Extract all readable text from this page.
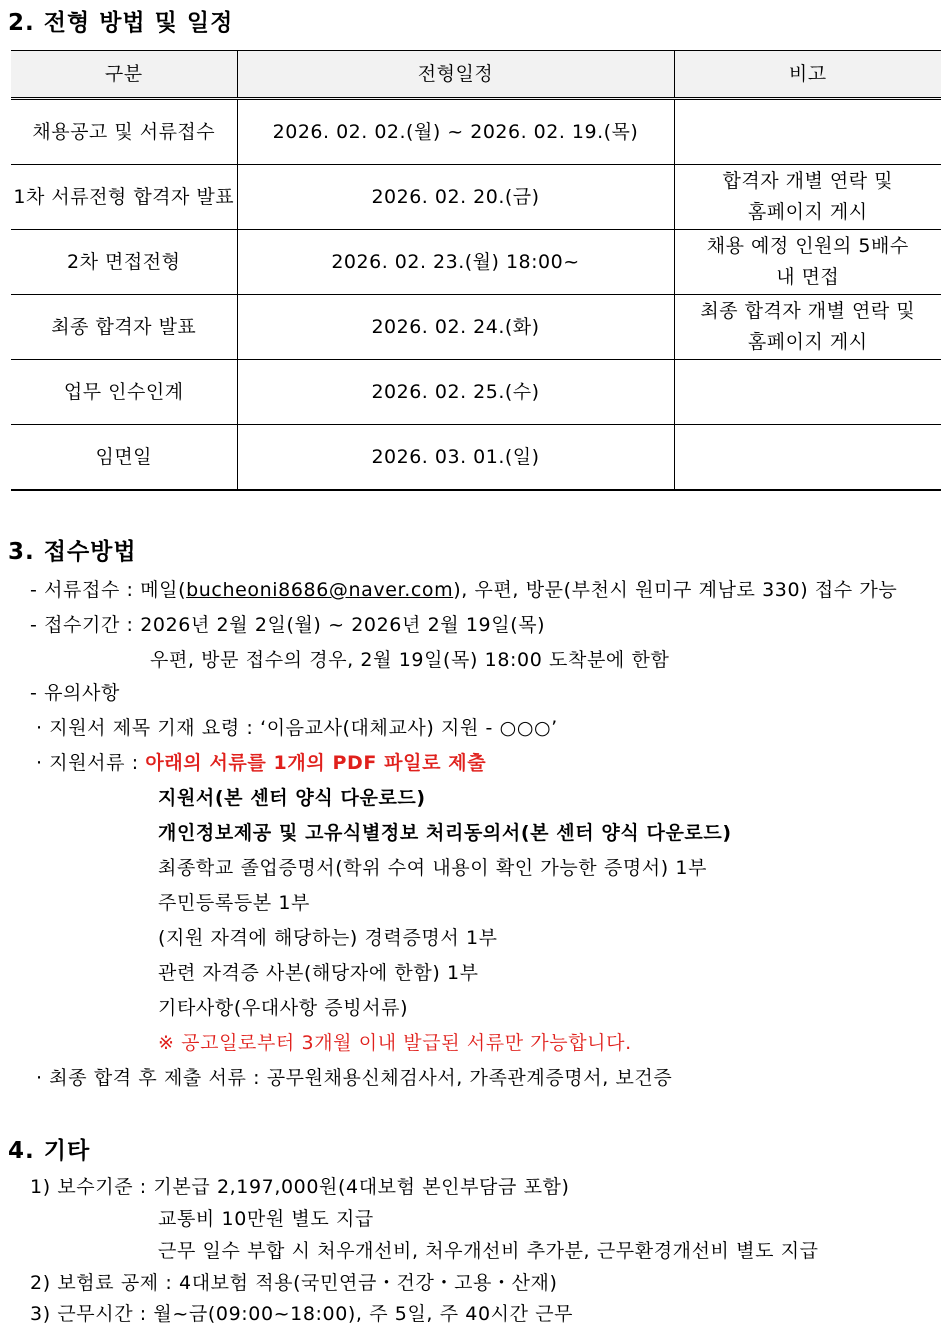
2. 전형 방법 및 일정
구분	전형일정	비고
채용공고 및 서류접수	2026. 02. 02.(월) ~ 2026. 02. 19.(목)	

1차 서류전형 합격자 발표	2026. 02. 20.(금)	합격자 개별 연락 및
홈페이지 게시

2차 면접전형	2026. 02. 23.(월) 18:00~	채용 예정 인원의 5배수
내 면접

최종 합격자 발표	2026. 02. 24.(화)	최종 합격자 개별 연락 및
홈페이지 게시

업무 인수인계	2026. 02. 25.(수)	

임면일	2026. 03. 01.(일)	
3. 접수방법
- 서류접수 : 메일(bucheoni8686@naver.com), 우편, 방문(부천시 원미구 계남로 330) 접수 가능
- 접수기간 : 2026년 2월 2일(월) ~ 2026년 2월 19일(목)
우편, 방문 접수의 경우, 2월 19일(목) 18:00 도착분에 한함
- 유의사항
· 지원서 제목 기재 요령 : ‘이음교사(대체교사) 지원 - ○○○’
· 지원서류 : 아래의 서류를 1개의 PDF 파일로 제출
지원서(본 센터 양식 다운로드)
개인정보제공 및 고유식별정보 처리동의서(본 센터 양식 다운로드)
최종학교 졸업증명서(학위 수여 내용이 확인 가능한 증명서) 1부
주민등록등본 1부
(지원 자격에 해당하는) 경력증명서 1부
관련 자격증 사본(해당자에 한함) 1부
기타사항(우대사항 증빙서류)
※ 공고일로부터 3개월 이내 발급된 서류만 가능합니다.
· 최종 합격 후 제출 서류 : 공무원채용신체검사서, 가족관계증명서, 보건증
4. 기타
1) 보수기준 : 기본급 2,197,000원(4대보험 본인부담금 포함)
교통비 10만원 별도 지급
근무 일수 부합 시 처우개선비, 처우개선비 추가분, 근무환경개선비 별도 지급
2) 보험료 공제 : 4대보험 적용(국민연금・건강・고용・산재)
3) 근무시간 : 월~금(09:00~18:00), 주 5일, 주 40시간 근무
